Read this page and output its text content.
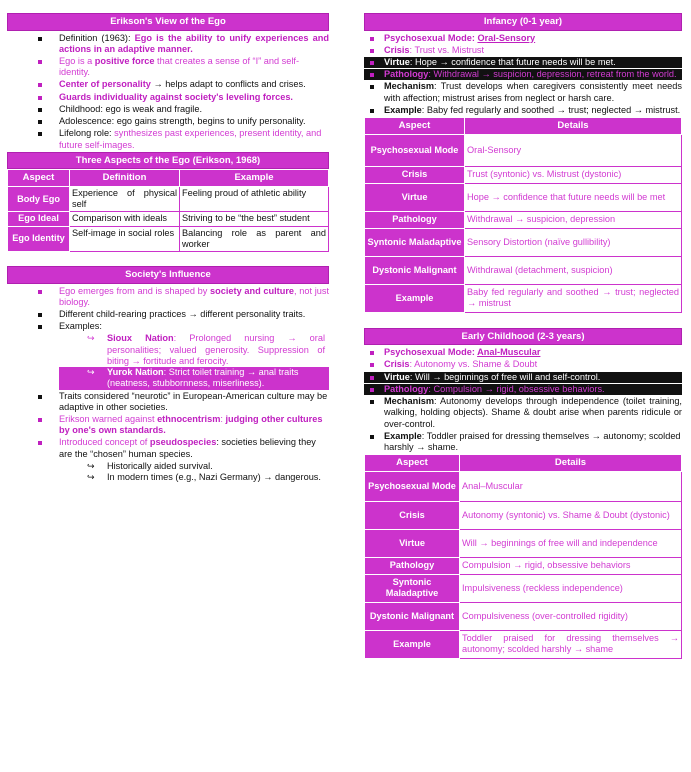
Erikson's View of the Ego
Definition (1963): Ego is the ability to unify experiences and actions in an adaptive manner.
Ego is a positive force that creates a sense of “I” and self-identity.
Center of personality → helps adapt to conflicts and crises.
Guards individuality against society's leveling forces.
Childhood: ego is weak and fragile.
Adolescence: ego gains strength, begins to unify personality.
Lifelong role: synthesizes past experiences, present identity, and future self-images.
Three Aspects of the Ego (Erikson, 1968)
Aspect	Definition	Example
Body Ego	Experience of physical self	Feeling proud of athletic ability
Ego Ideal	Comparison with ideals	Striving to be “the best” student
Ego Identity	Self-image in social roles	Balancing role as parent and worker
Society's Influence
Ego emerges from and is shaped by society and culture, not just biology.
Different child-rearing practices → different personality traits.
Examples:
↪ Sioux Nation: Prolonged nursing → oral personalities; valued generosity. Suppression of biting → fortitude and ferocity.
↪ Yurok Nation: Strict toilet training → anal traits (neatness, stubbornness, miserliness).
Traits considered “neurotic” in European-American culture may be adaptive in other societies.
Erikson warned against ethnocentrism: judging other cultures by one's own standards.
Introduced concept of pseudospecies: societies believing they are the “chosen” human species.
↪ Historically aided survival.
↪ In modern times (e.g., Nazi Germany) → dangerous.
Infancy (0-1 year)
Psychosexual Mode: Oral-Sensory
Crisis: Trust vs. Mistrust
Virtue: Hope → confidence that future needs will be met.
Pathology: Withdrawal → suspicion, depression, retreat from the world.
Mechanism: Trust develops when caregivers consistently meet needs with affection; mistrust arises from neglect or harsh care.
Example: Baby fed regularly and soothed → trust; neglected → mistrust.
Aspect	Details
Psychosexual Mode	Oral-Sensory
Crisis	Trust (syntonic) vs. Mistrust (dystonic)
Virtue	Hope → confidence that future needs will be met
Pathology	Withdrawal → suspicion, depression
Syntonic Maladaptive	Sensory Distortion (naïve gullibility)
Dystonic Malignant	Withdrawal (detachment, suspicion)
Example	Baby fed regularly and soothed → trust; neglected → mistrust
Early Childhood (2-3 years)
Psychosexual Mode: Anal-Muscular
Crisis: Autonomy vs. Shame & Doubt
Virtue: Will → beginnings of free will and self-control.
Pathology: Compulsion → rigid, obsessive behaviors.
Mechanism: Autonomy develops through independence (toilet training, walking, holding objects). Shame & doubt arise when parents ridicule or over-control.
Example: Toddler praised for dressing themselves → autonomy; scolded harshly → shame.
Aspect	Details
Psychosexual Mode	Anal–Muscular
Crisis	Autonomy (syntonic) vs. Shame & Doubt (dystonic)
Virtue	Will → beginnings of free will and independence
Pathology	Compulsion → rigid, obsessive behaviors
Syntonic Maladaptive	Impulsiveness (reckless independence)
Dystonic Malignant	Compulsiveness (over-controlled rigidity)
Example	Toddler praised for dressing themselves → autonomy; scolded harshly → shame
